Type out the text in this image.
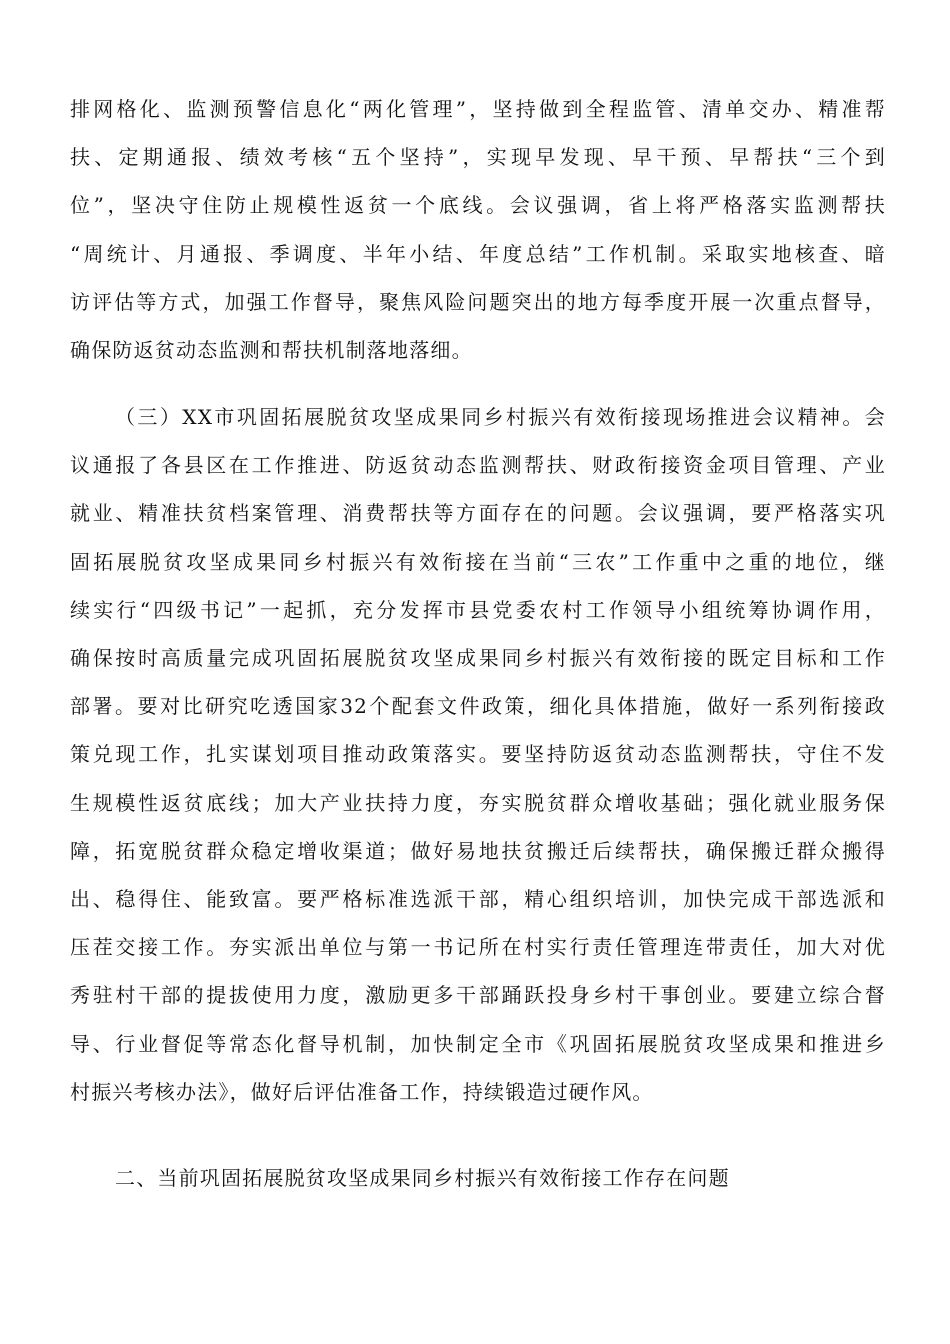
排网格化、监测预警信息化“两化管理”，坚持做到全程监管、清单交办、精准帮
扶、定期通报、绩效考核“五个坚持”，实现早发现、早干预、早帮扶“三个到
位”，坚决守住防止规模性返贫一个底线。会议强调，省上将严格落实监测帮扶
“周统计、月通报、季调度、半年小结、年度总结”工作机制。采取实地核查、暗
访评估等方式，加强工作督导，聚焦风险问题突出的地方每季度开展一次重点督导，
确保防返贫动态监测和帮扶机制落地落细。
（三）XX市巩固拓展脱贫攻坚成果同乡村振兴有效衔接现场推进会议精神。会
议通报了各县区在工作推进、防返贫动态监测帮扶、财政衔接资金项目管理、产业
就业、精准扶贫档案管理、消费帮扶等方面存在的问题。会议强调，要严格落实巩
固拓展脱贫攻坚成果同乡村振兴有效衔接在当前“三农”工作重中之重的地位，继
续实行“四级书记”一起抓，充分发挥市县党委农村工作领导小组统筹协调作用，
确保按时高质量完成巩固拓展脱贫攻坚成果同乡村振兴有效衔接的既定目标和工作
部署。要对比研究吃透国家32个配套文件政策，细化具体措施，做好一系列衔接政
策兑现工作，扎实谋划项目推动政策落实。要坚持防返贫动态监测帮扶，守住不发
生规模性返贫底线；加大产业扶持力度，夯实脱贫群众增收基础；强化就业服务保
障，拓宽脱贫群众稳定增收渠道；做好易地扶贫搬迁后续帮扶，确保搬迁群众搬得
出、稳得住、能致富。要严格标准选派干部，精心组织培训，加快完成干部选派和
压茬交接工作。夯实派出单位与第一书记所在村实行责任管理连带责任，加大对优
秀驻村干部的提拔使用力度，激励更多干部踊跃投身乡村干事创业。要建立综合督
导、行业督促等常态化督导机制，加快制定全市《巩固拓展脱贫攻坚成果和推进乡
村振兴考核办法》，做好后评估准备工作，持续锻造过硬作风。
二、当前巩固拓展脱贫攻坚成果同乡村振兴有效衔接工作存在问题
